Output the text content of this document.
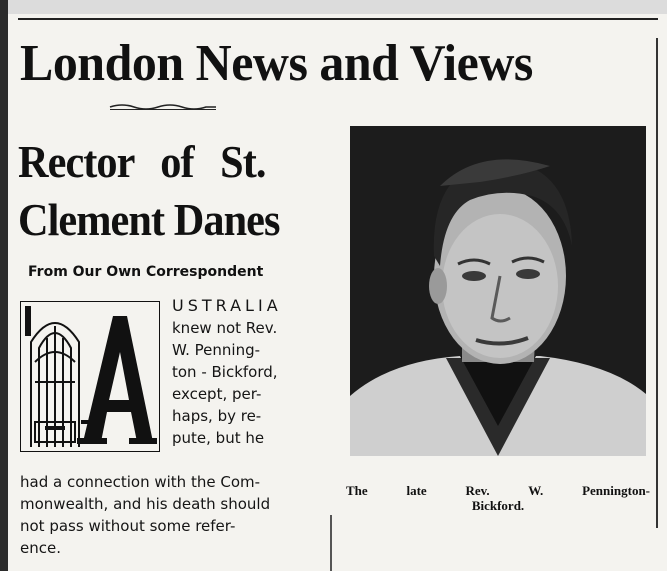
London News and Views
Rector of St.
Clement Danes
From Our Own Correspondent
USTRALIA
knew not Rev.
W. Penning-
ton - Bickford,
except, per-
haps, by re-
pute, but he
had a connection with the Com-
monwealth, and his death should
not pass without some refer-
ence.
The late Rev. W. Pennington-
Bickford.
